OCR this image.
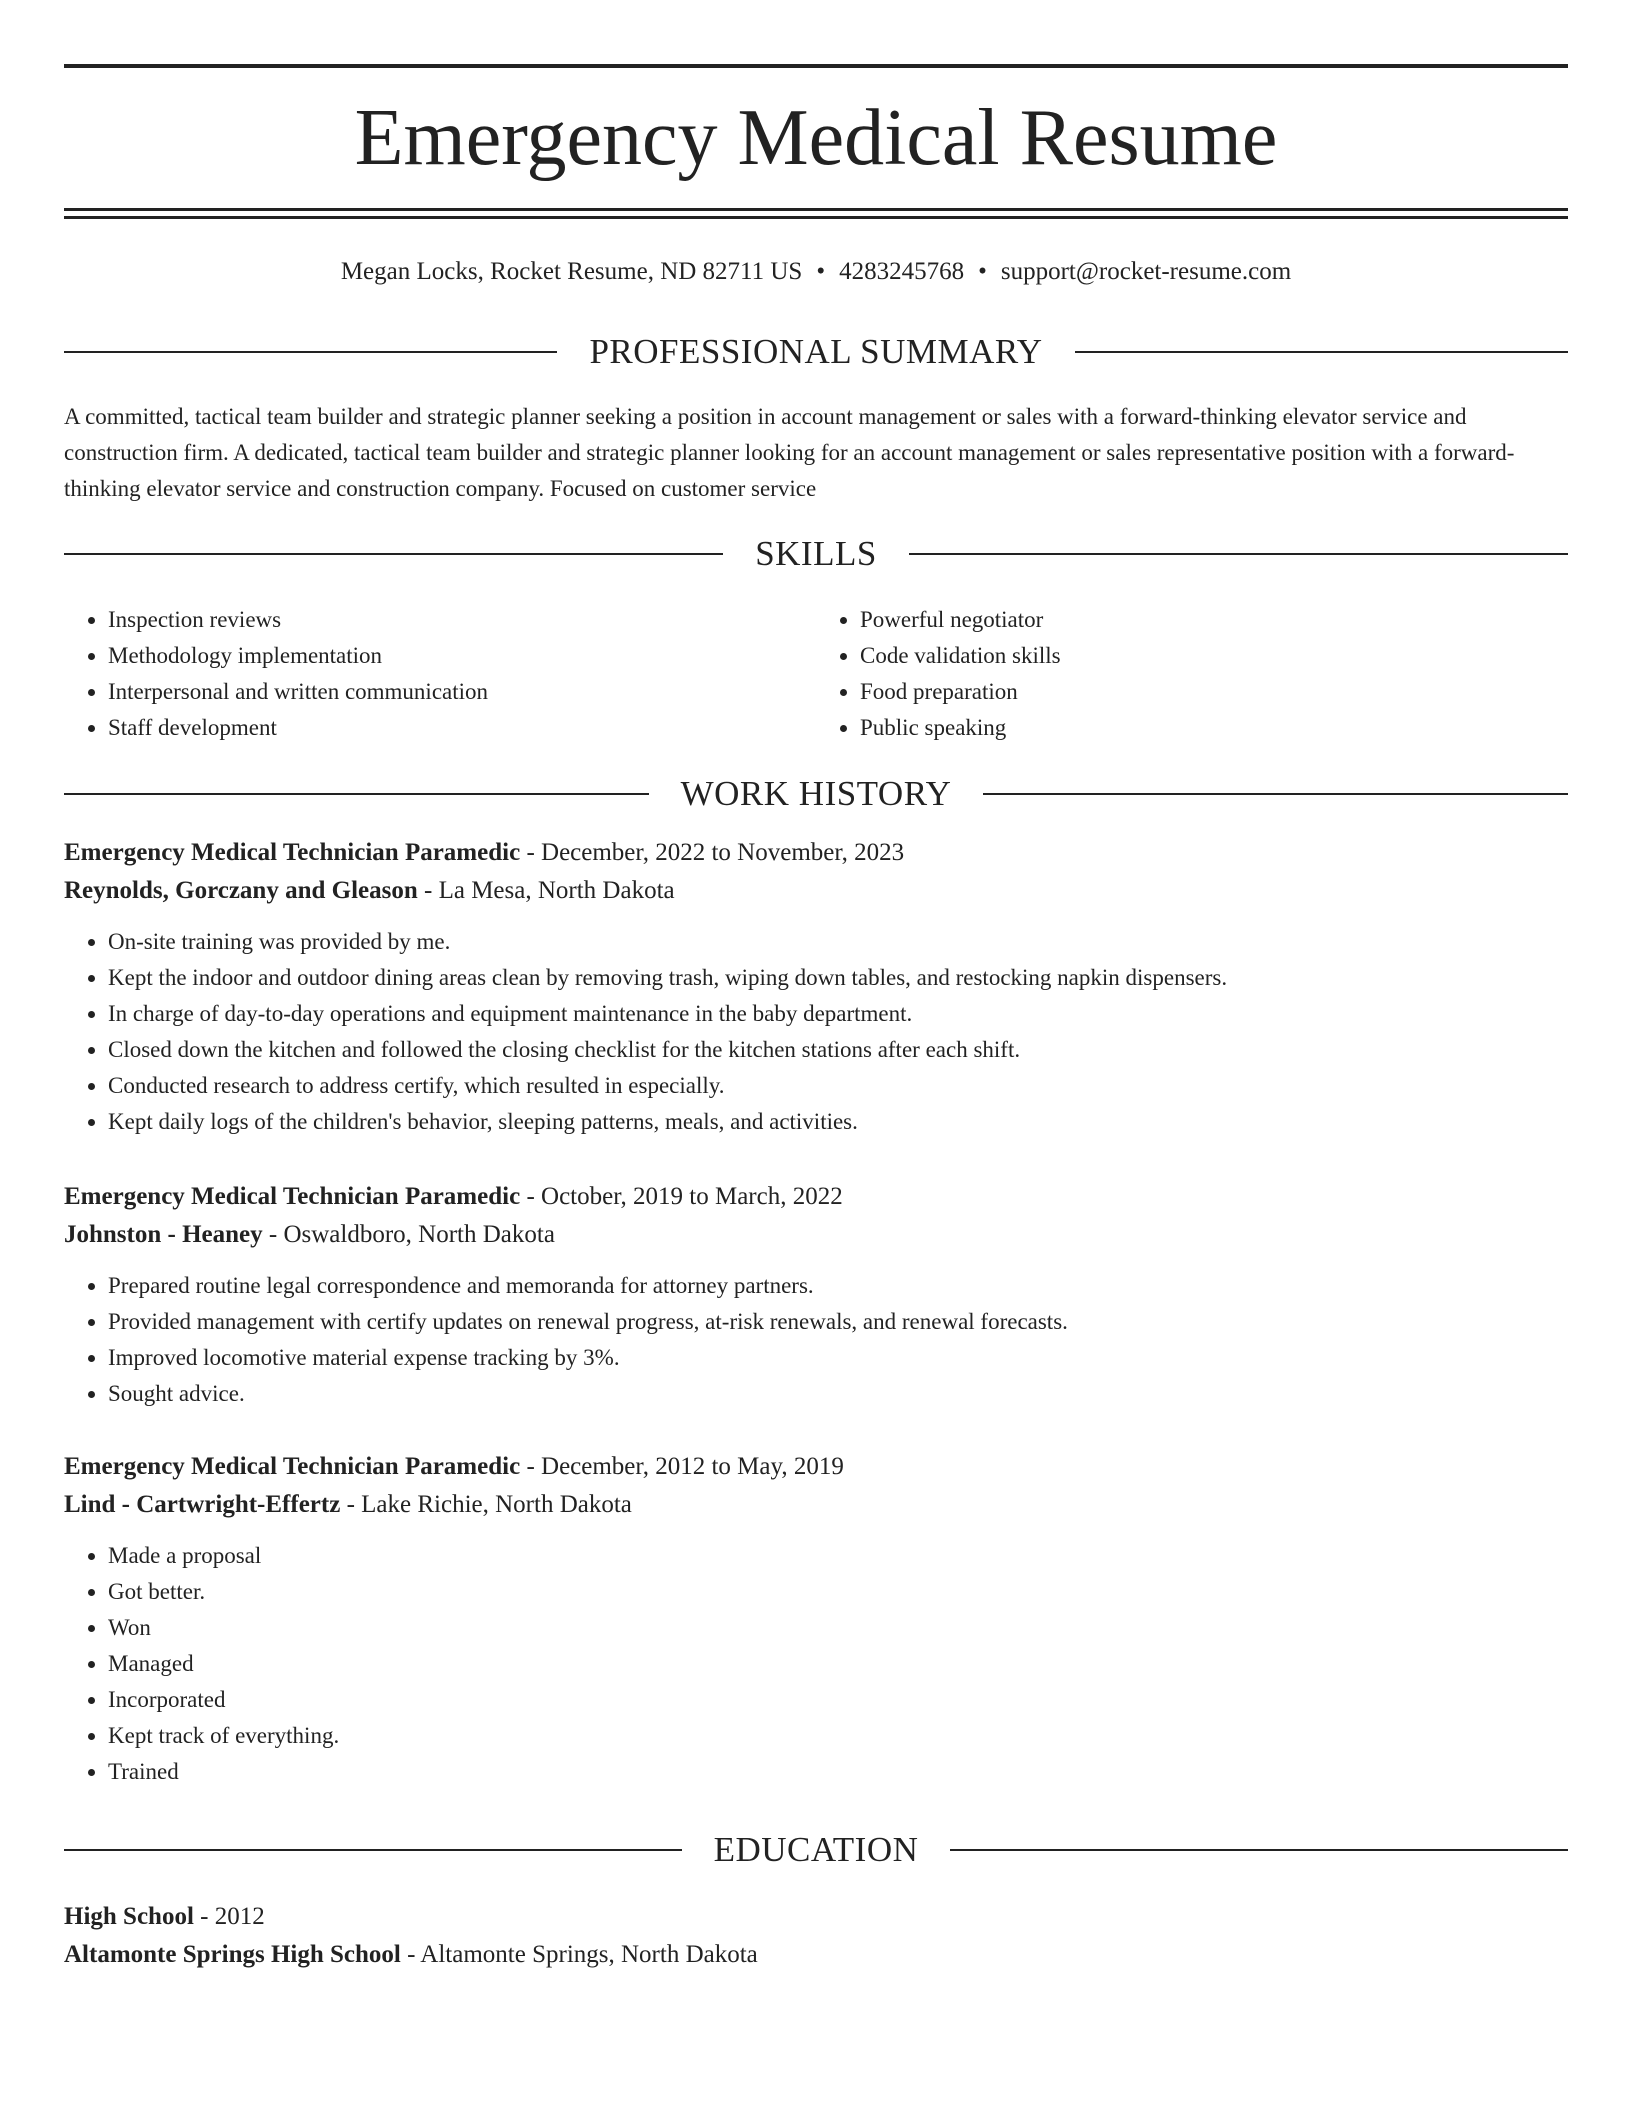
Emergency Medical Resume
Megan Locks, Rocket Resume, ND 82711 US • 4283245768 • support@rocket-resume.com
PROFESSIONAL SUMMARY

A committed, tactical team builder and strategic planner seeking a position in account management or sales with a forward-thinking elevator service and construction firm. A dedicated, tactical team builder and strategic planner looking for an account management or sales representative position with a forward-thinking elevator service and construction company. Focused on customer service

SKILLS
• Inspection reviews
• Methodology implementation
• Interpersonal and written communication
• Staff development
• Powerful negotiator
• Code validation skills
• Food preparation
• Public speaking
WORK HISTORY
Emergency Medical Technician Paramedic - December, 2022 to November, 2023
Reynolds, Gorczany and Gleason - La Mesa, North Dakota
• On-site training was provided by me.
• Kept the indoor and outdoor dining areas clean by removing trash, wiping down tables, and restocking napkin dispensers.
• In charge of day-to-day operations and equipment maintenance in the baby department.
• Closed down the kitchen and followed the closing checklist for the kitchen stations after each shift.
• Conducted research to address certify, which resulted in especially.
• Kept daily logs of the children's behavior, sleeping patterns, meals, and activities.
Emergency Medical Technician Paramedic - October, 2019 to March, 2022
Johnston - Heaney - Oswaldboro, North Dakota
• Prepared routine legal correspondence and memoranda for attorney partners.
• Provided management with certify updates on renewal progress, at-risk renewals, and renewal forecasts.
• Improved locomotive material expense tracking by 3%.
• Sought advice.
Emergency Medical Technician Paramedic - December, 2012 to May, 2019
Lind - Cartwright-Effertz - Lake Richie, North Dakota
• Made a proposal
• Got better.
• Won
• Managed
• Incorporated
• Kept track of everything.
• Trained
EDUCATION
High School - 2012
Altamonte Springs High School - Altamonte Springs, North Dakota
